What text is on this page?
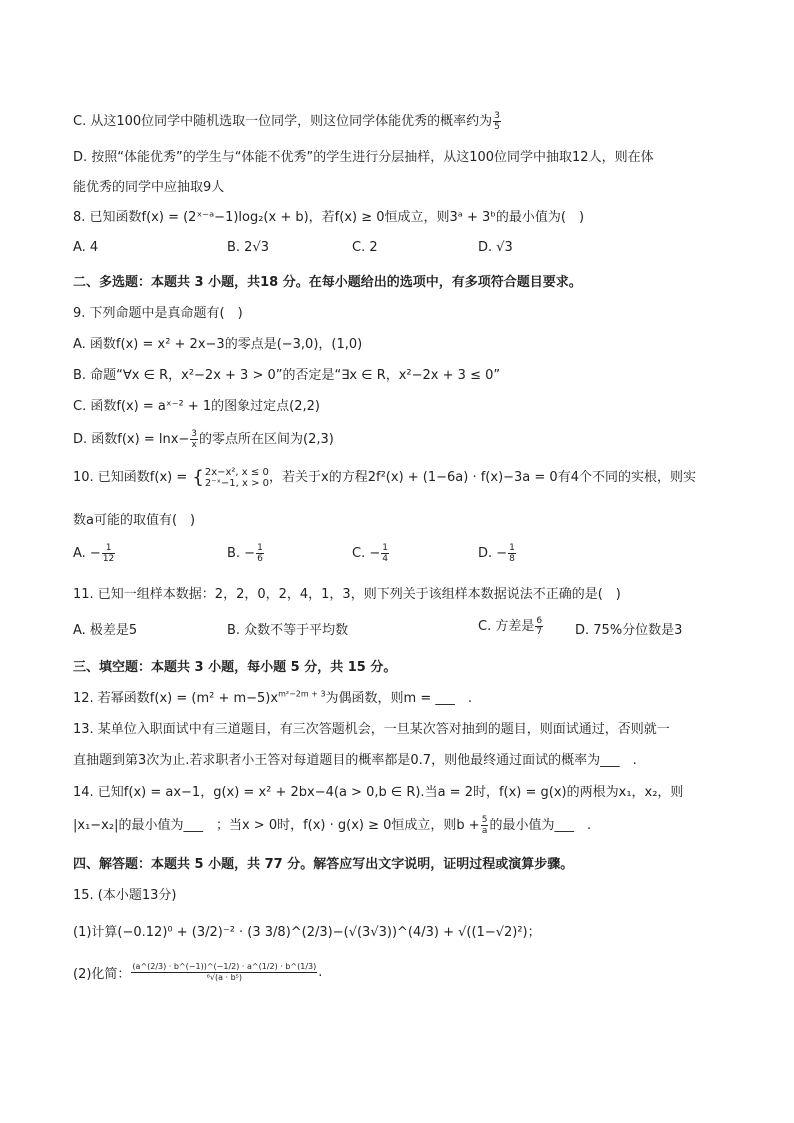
C. 从这100位同学中随机选取一位同学，则这位同学体能优秀的概率约为 $\frac{3}{5}$
D. 按照“体能优秀”的学生与“体能不优秀”的学生进行分层抽样，从这100位同学中抽取12人，则在体
能优秀的同学中应抽取9人
8. 已知函数f(x) = (2ˣ⁻ᵃ−1)log₂(x + b)，若f(x) ≥ 0恒成立，则3ᵃ + 3ᵇ的最小值为(　)
A. 4	B. 2√3	C. 2	D. √3
二、多选题：本题共 3 小题，共18 分。在每小题给出的选项中，有多项符合题目要求。
9. 下列命题中是真命题有(　)
A. 函数f(x) = x² + 2x−3的零点是(−3,0)，(1,0)
B. 命题“∀x ∈ R，x²−2x + 3 > 0”的否定是“∃x ∈ R，x²−2x + 3 ≤ 0”
C. 函数f(x) = aˣ⁻² + 1的图象过定点(2,2)
D. 函数$f(x) = \ln x- \frac{3}{x}$ 的零点所在区间为(2,3)
10. 已知函数f(x) = { 2x−x², x ≤ 0
2⁻ˣ−1, x > 0 ，若关于x的方程2f²(x) + (1−6a) · f(x)−3a = 0有4个不同的实根，则实
数a可能的取值有(　)
A. − $\frac{1}{12}$	B. − $\frac{1}{6}$	C. − $\frac{1}{4}$	D. − $\frac{1}{8}$
11. 已知一组样本数据：2，2，0，2，4，1，3，则下列关于该组样本数据说法不正确的是(　)
A. 极差是5	B. 众数不等于平均数	C. 方差是 $\frac{6}{7} D$. 75%分位数是3
三、填空题：本题共 3 小题，每小题 5 分，共 15 分。
12. 若幂函数$f(x) = (m^2 + m-5)x^{m^2-2m + 3}$为偶函数，则m = ___　.
13. 某单位入职面试中有三道题目，有三次答题机会，一旦某次答对抽到的题目，则面试通过，否则就一
直抽题到第3次为止.若求职者小王答对每道题目的概率都是0.7，则他最终通过面试的概率为___　.
14. 已知f(x) = ax−1，g(x) = x² + 2bx−4(a > 0,b ∈ R).当a = 2时，f(x) = g(x)的两根为x₁，x₂，则
|x₁−x₂|的最小值为___　；当x > 0时，f(x) · g(x) ≥ 0恒成立，则$b + \frac{5}{a}$ 的最小值为___　.
四、解答题：本题共 5 小题，共 77 分。解答应写出文字说明，证明过程或演算步骤。
15. (本小题13分)
(1)计算(−0.12)⁰ + (3/2)⁻² · (3 3/8)^(2/3)−(√(3√3))^(4/3) + √((1−√2)²)；
(2)化简： $\frac{(a\^{}(2/3) \cdot b\^{}(-1))\^{}(-1/2) \cdot a\^{}(1/2) \cdot b\^{}(1/3)}{\text{⁶√(a · b⁵)}}$ .
